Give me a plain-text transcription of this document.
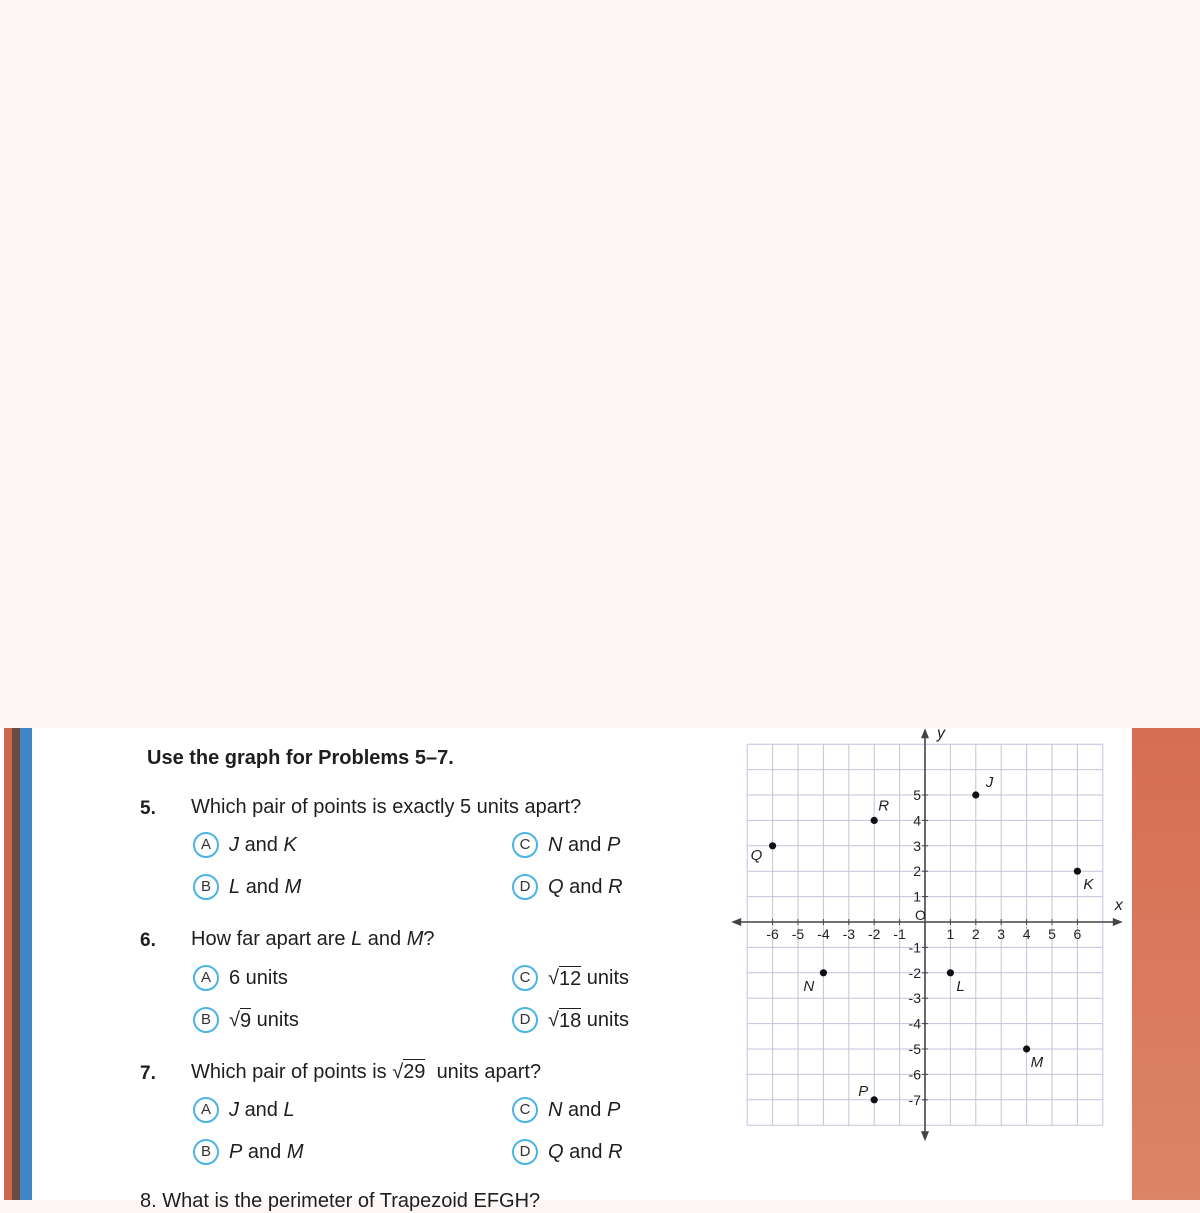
Use the graph for Problems 5–7.
5. Which pair of points is exactly 5 units apart?
A J
and
K
B L
and
M
C N
and
P
D Q
and
R
6. How far apart are L and M?
A 6 units
B √ 9
units
C √ 12
units
D √ 18
units
7. Which pair of points is √29 units apart?
A J
and
L
B P
and
M
C N
and
P
D Q
and
R
8. What is the perimeter of Trapezoid EFGH?
x
y
O
-6 -5 -4 -3 -2 -1	1 2 3 4 5 6
5
4
3
2
1
-1
-2
-3
-4
-5
-6
-7
J
R
Q
K
N	L
M
P
